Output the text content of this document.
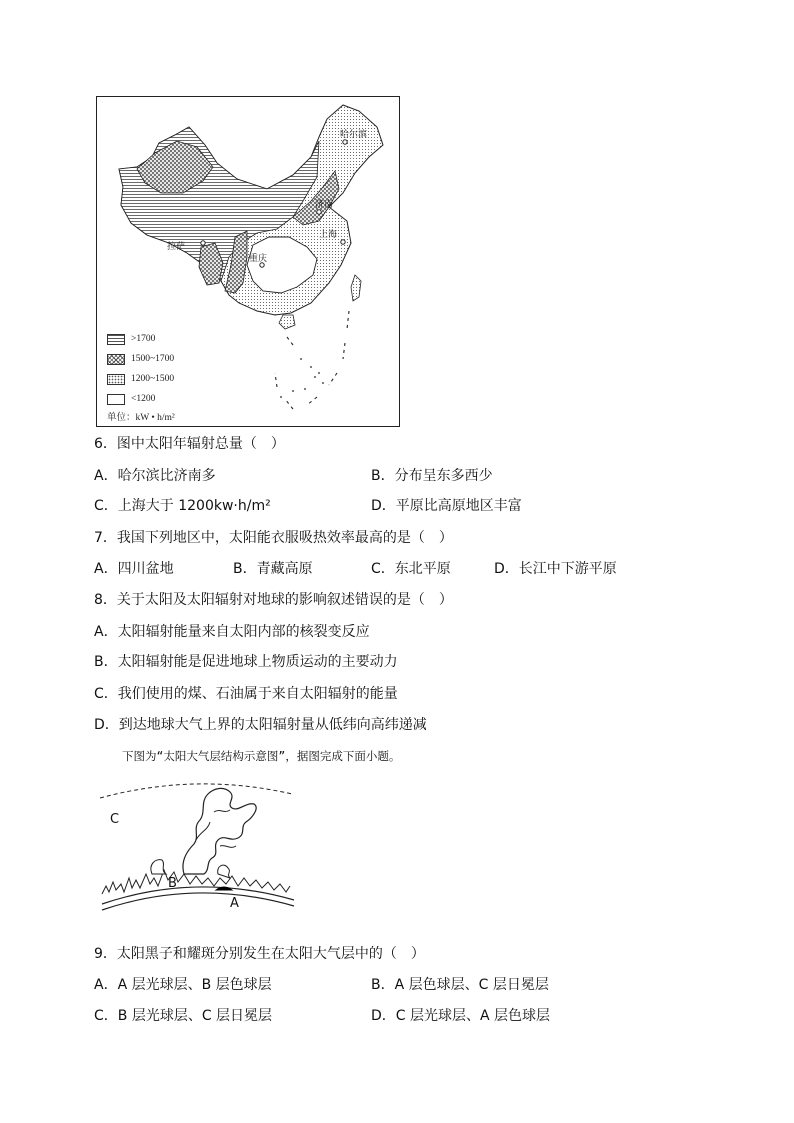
哈尔滨
济南
上海
拉萨
重庆
>1700
1500~1700
1200~1500
<1200
单位：kW • h/m²
6．图中太阳年辐射总量（　）
A．哈尔滨比济南多	B．分布呈东多西少
C．上海大于 1200kw·h/m²	D．平原比高原地区丰富
7．我国下列地区中，太阳能衣服吸热效率最高的是（　）
A．四川盆地	B．青藏高原	C．东北平原	D．长江中下游平原
8．关于太阳及太阳辐射对地球的影响叙述错误的是（　）
A．太阳辐射能量来自太阳内部的核裂变反应
B．太阳辐射能是促进地球上物质运动的主要动力
C．我们使用的煤、石油属于来自太阳辐射的能量
D．到达地球大气上界的太阳辐射量从低纬向高纬递减
下图为“太阳大气层结构示意图”，据图完成下面小题。
C
B
A
9．太阳黑子和耀斑分别发生在太阳大气层中的（　）
A．A 层光球层、B 层色球层	B．A 层色球层、C 层日冕层
C．B 层光球层、C 层日冕层	D．C 层光球层、A 层色球层
